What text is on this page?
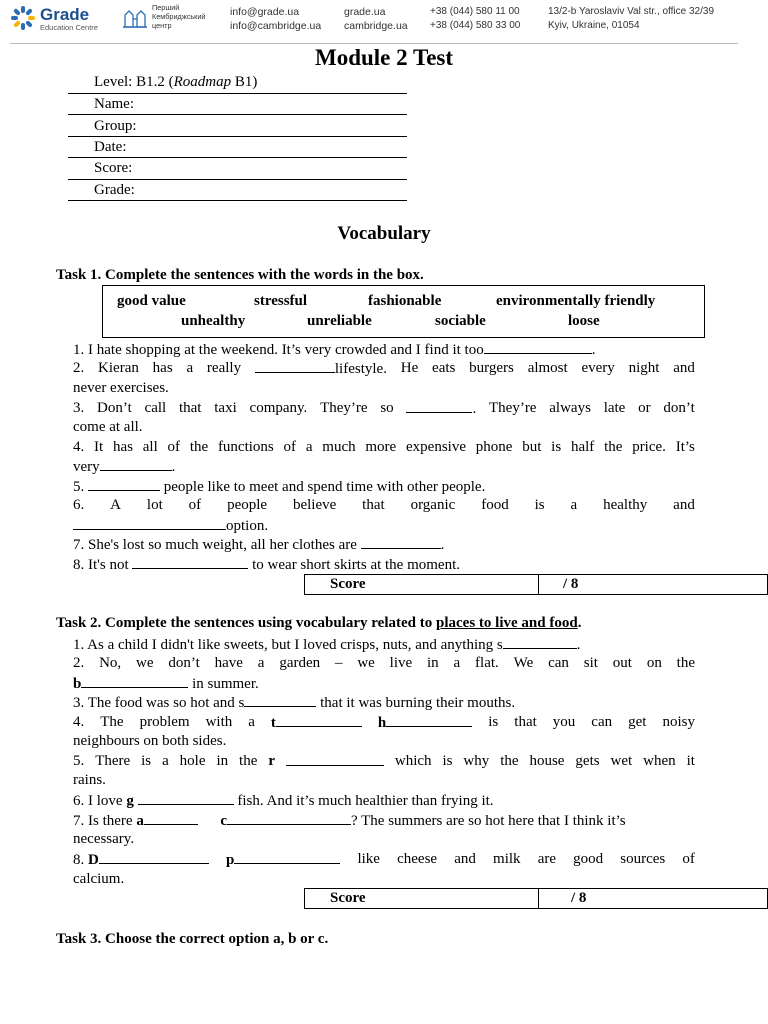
Grade
Education Centre
Перший
Кембриджський
центр
info@grade.ua
info@cambridge.ua
grade.ua
cambridge.ua
+38 (044) 580 11 00
+38 (044) 580 33 00
13/2-b Yaroslaviv Val str., office 32/39
Kyiv, Ukraine, 01054
Module 2 Test
Level: B1.2 (Roadmap B1)
Name:
Group:
Date:
Score:
Grade:
Vocabulary
Task 1. Complete the sentences with the words in the box.
good value	stressful	fashionable	environmentally friendly
unhealthy	unreliable	sociable	loose
1. I hate shopping at the weekend. It’s very crowded and I find it too	.
2. Kieran has a really	lifestyle. He eats burgers almost every night and
never exercises.
3. Don’t call that taxi company. They’re so	. They’re always late or don’t
come at all.
4. It has all of the functions of a much more expensive phone but is half the price. It’s
very	.
5.	people like to meet and spend time with other people.
6. A lot of people believe that organic food is a healthy and
option.
7. She's lost so much weight, all her clothes are	.
8. It's not	to wear short skirts at the moment.
Score	/ 8
Task 2. Complete the sentences using vocabulary related to places to live and food.
1. As a child I didn't like sweets, but I loved crisps, nuts, and anything s	.
2. No, we don’t have a garden – we live in a flat. We can sit out on the
b	in summer.
3. The food was so hot and s	that it was burning their mouths.
4. The problem with a t	h	is that you can get noisy
neighbours on both sides.
5. There is a hole in the r	which is why the house gets wet when it
rains.
6. I love g	fish. And it’s much healthier than frying it.
7. Is there a	c	? The summers are so hot here that I think it’s
necessary.
8. D	p	like cheese and milk are good sources of
calcium.
Score	/ 8
Task 3. Choose the correct option a, b or c.
